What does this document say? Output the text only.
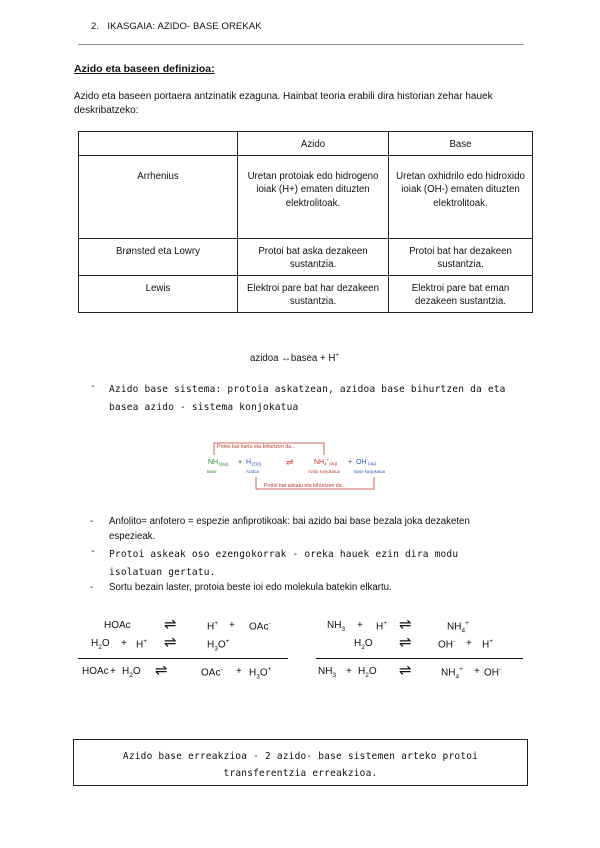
2. IKASGAIA: AZIDO- BASE OREKAK
Azido eta baseen definizioa:
Azido eta baseen portaera antzinatik ezaguna. Hainbat teoria erabili dira historian zehar hauek deskribatzeko:
	Azido	Base
Arrhenius	Uretan protoiak edo hidrogeno ioiak (H+) ematen dituzten elektrolitoak.	Uretan oxhidrilo edo hidroxido ioiak (OH-) ematen dituzten elektrolitoak.
Brønsted eta Lowry	Protoi bat aska dezakeen sustantzia.	Protoi bat har dezakeen sustantzia.
Lewis	Elektroi pare bat har dezakeen sustantzia.	Elektroi pare bat eman dezakeen sustantzia.
azidoa ↔basea + H+
- Azido base sistema: protoia askatzean, azidoa base bihurtzen da eta
basea azido - sistema konjokatua
Protoi bat hartu eta bihurtzen da...
$NH_{3(aq)} + H_{2O(l)}$	⇌	$NH_4^+_{(aq)} + OH^-_{(aq)}$
Base	Azidoa	Azido konjokatua	Base konjokatua
Protoi bat askatu eta bihurtzen da...
- Anfolito= anfotero = espezie anfiprotikoak: bai azido bai base bezala joka dezaketen
espezieak.
- Protoi askeak oso ezengokorrak - oreka hauek ezin dira modu
isolatuan gertatu.
- Sortu bezain laster, protoia beste ioi edo molekula batekin elkartu.
HOAc ⇌	H+ + OAc-
$H_2O + H^+$ ⇌	$H_3O^+$
HOAc + $H_2O$ ⇌	$OAc^- + H_3O^+$
$NH_3 + H^+$ ⇌	$NH_4^+$
$H_2O$ ⇌	OH- + H+
$NH_3 + H_2O$ ⇌	$NH_4^+ + OH^-$
Azido base erreakzioa - 2 azido- base sistemen arteko protoi
transferentzia erreakzioa.
